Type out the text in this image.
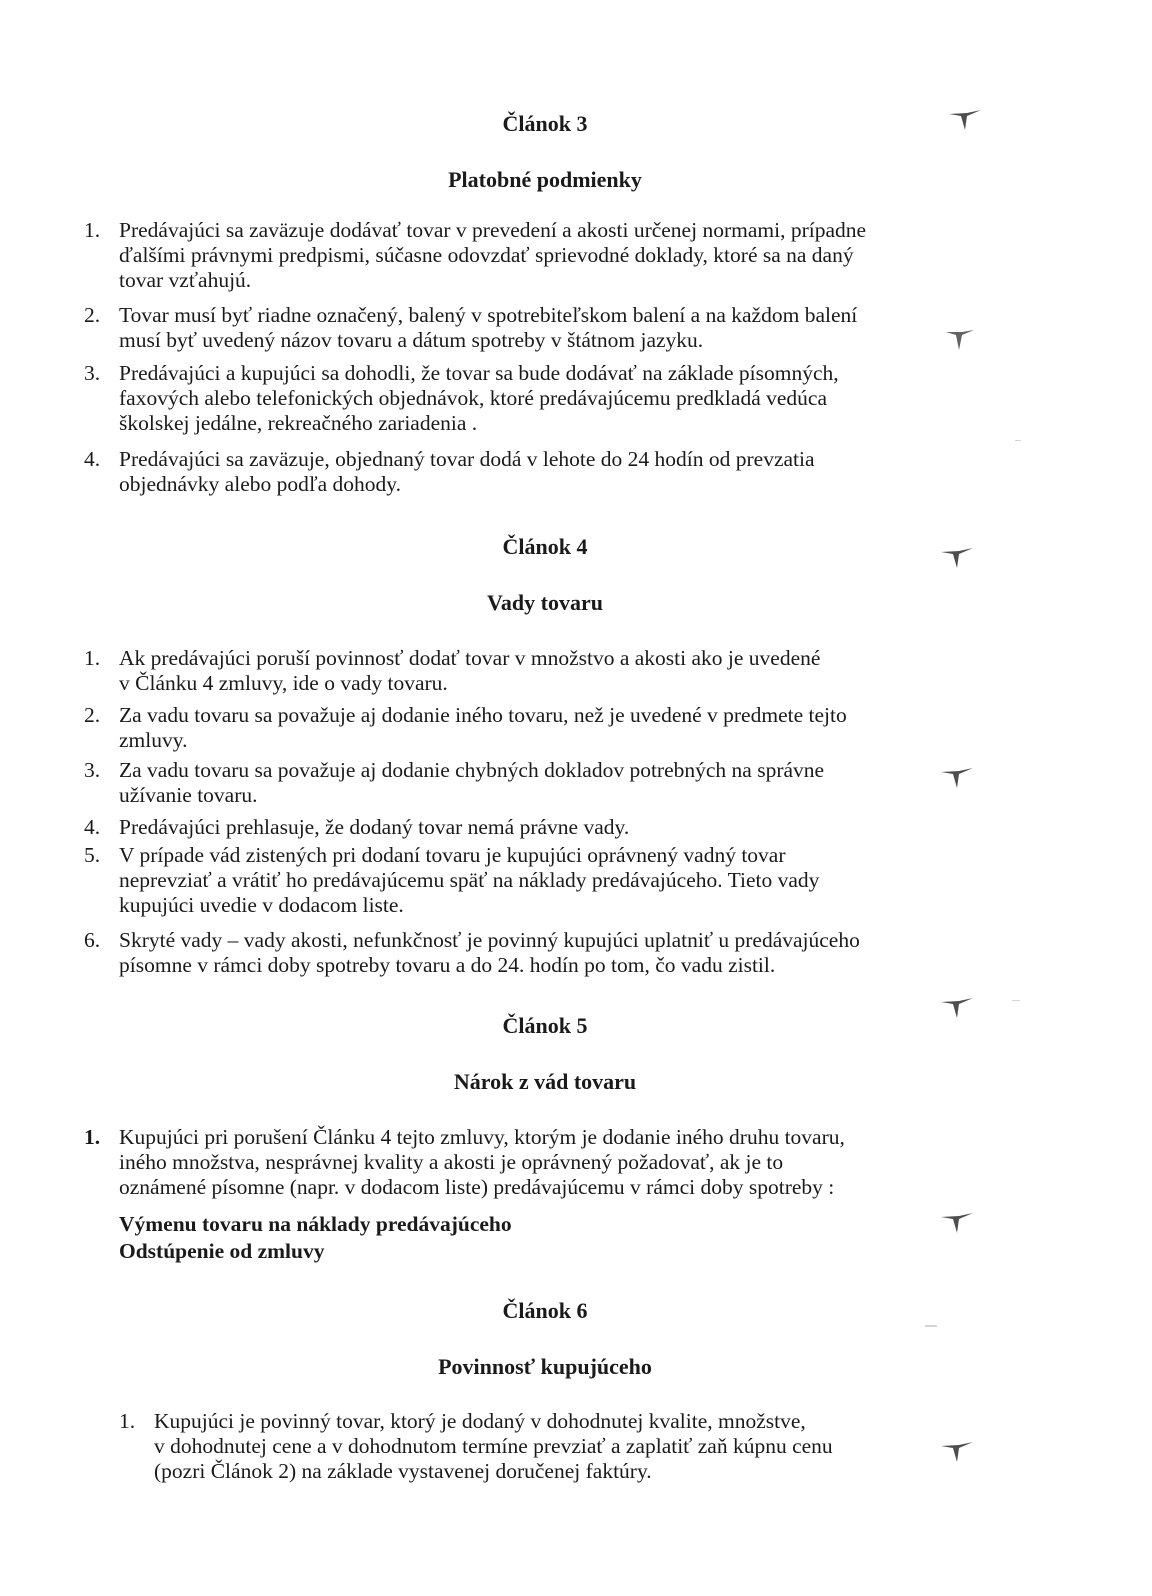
Článok 3
Platobné podmienky
1. Predávajúci sa zaväzuje dodávať tovar v prevedení a akosti určenej normami, prípadne
ďalšími právnymi predpismi, súčasne odovzdať sprievodné doklady, ktoré sa na daný
tovar vzťahujú.
2. Tovar musí byť riadne označený, balený v spotrebiteľskom balení a na každom balení
musí byť uvedený názov tovaru a dátum spotreby v štátnom jazyku.
3. Predávajúci a kupujúci sa dohodli, že tovar sa bude dodávať na základe písomných,
faxových alebo telefonických objednávok, ktoré predávajúcemu predkladá vedúca
školskej jedálne, rekreačného zariadenia .
4. Predávajúci sa zaväzuje, objednaný tovar dodá v lehote do 24 hodín od prevzatia
objednávky alebo podľa dohody.
Článok 4
Vady tovaru
1. Ak predávajúci poruší povinnosť dodať tovar v množstvo a akosti ako je uvedené
v Článku 4 zmluvy, ide o vady tovaru.
2. Za vadu tovaru sa považuje aj dodanie iného tovaru, než je uvedené v predmete tejto
zmluvy.
3. Za vadu tovaru sa považuje aj dodanie chybných dokladov potrebných na správne
užívanie tovaru.
4. Predávajúci prehlasuje, že dodaný tovar nemá právne vady.
5. V prípade vád zistených pri dodaní tovaru je kupujúci oprávnený vadný tovar
neprevziať a vrátiť ho predávajúcemu späť na náklady predávajúceho. Tieto vady
kupujúci uvedie v dodacom liste.
6. Skryté vady – vady akosti, nefunkčnosť je povinný kupujúci uplatniť u predávajúceho
písomne v rámci doby spotreby tovaru a do 24. hodín po tom, čo vadu zistil.
Článok 5
Nárok z vád tovaru
1. Kupujúci pri porušení Článku 4 tejto zmluvy, ktorým je dodanie iného druhu tovaru,
iného množstva, nesprávnej kvality a akosti je oprávnený požadovať, ak je to
oznámené písomne (napr. v dodacom liste) predávajúcemu v rámci doby spotreby :
Výmenu tovaru na náklady predávajúceho
Odstúpenie od zmluvy
Článok 6
Povinnosť kupujúceho
1. Kupujúci je povinný tovar, ktorý je dodaný v dohodnutej kvalite, množstve,
v dohodnutej cene a v dohodnutom termíne prevziať a zaplatiť zaň kúpnu cenu
(pozri Článok 2) na základe vystavenej doručenej faktúry.
